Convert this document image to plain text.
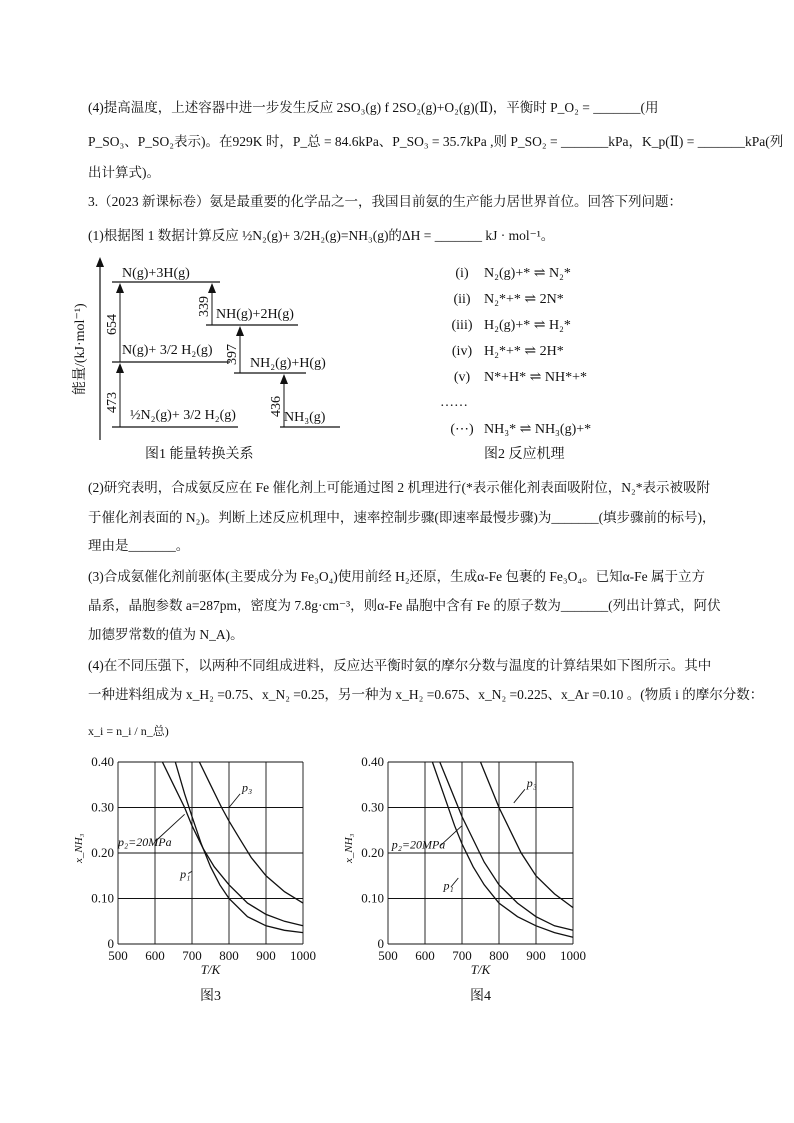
(4)提高温度，上述容器中进一步发生反应 2SO₃(g) f 2SO₂(g)+O₂(g)(Ⅱ)，平衡时 P_O₂ = _______(用
P_SO₃、P_SO₂表示)。在929K 时，P_总 = 84.6kPa、P_SO₃ = 35.7kPa ,则 P_SO₂ = _______kPa，K_p(Ⅱ) = _______kPa(列
出计算式)。
3.（2023 新课标卷）氨是最重要的化学品之一，我国目前氨的生产能力居世界首位。回答下列问题：
(1)根据图 1 数据计算反应 ½N₂(g)+ 3/2H₂(g)=NH₃(g)的ΔH = _______ kJ · mol⁻¹。
能量/(kJ·mol⁻¹)
N(g)+3H(g)
N(g)+ 3/2 H₂(g)
½N₂(g)+ 3/2 H₂(g)
NH(g)+2H(g)
NH₂(g)+H(g)
NH₃(g)
654
473
339
397
436
图1 能量转换关系
(i) N₂(g)+* ⇌ N₂*
(ii) N₂*+* ⇌ 2N*
(iii) H₂(g)+* ⇌ H₂*
(iv) H₂*+* ⇌ 2H*
(v) N*+H* ⇌ NH*+*
……
(⋯) NH₃* ⇌ NH₃(g)+*
图2 反应机理
(2)研究表明，合成氨反应在 Fe 催化剂上可能通过图 2 机理进行(*表示催化剂表面吸附位，N₂*表示被吸附
于催化剂表面的 N₂)。判断上述反应机理中，速率控制步骤(即速率最慢步骤)为_______(填步骤前的标号)，
理由是_______。
(3)合成氨催化剂前驱体(主要成分为 Fe₃O₄)使用前经 H₂还原，生成α-Fe 包裹的 Fe₃O₄。已知α-Fe 属于立方
晶系，晶胞参数 a=287pm，密度为 7.8g·cm⁻³，则α-Fe 晶胞中含有 Fe 的原子数为_______(列出计算式，阿伏
加德罗常数的值为 N_A)。
(4)在不同压强下，以两种不同组成进料，反应达平衡时氨的摩尔分数与温度的计算结果如下图所示。其中
一种进料组成为 x_H₂ =0.75、x_N₂ =0.25，另一种为 x_H₂ =0.675、x_N₂ =0.225、x_Ar =0.10 。(物质 i 的摩尔分数：
x_i = n_i / n_总)
500 600 700 800 900 1000
0
0.10
0.20
0.30
0.40
T/K
x_NH₃
p₁
p₂=20MPa
p₃
图3
500 600 700 800 900 1000
0
0.10
0.20
0.30
0.40
T/K
x_NH₃
p₁
p₂=20MPa
p₃
图4
